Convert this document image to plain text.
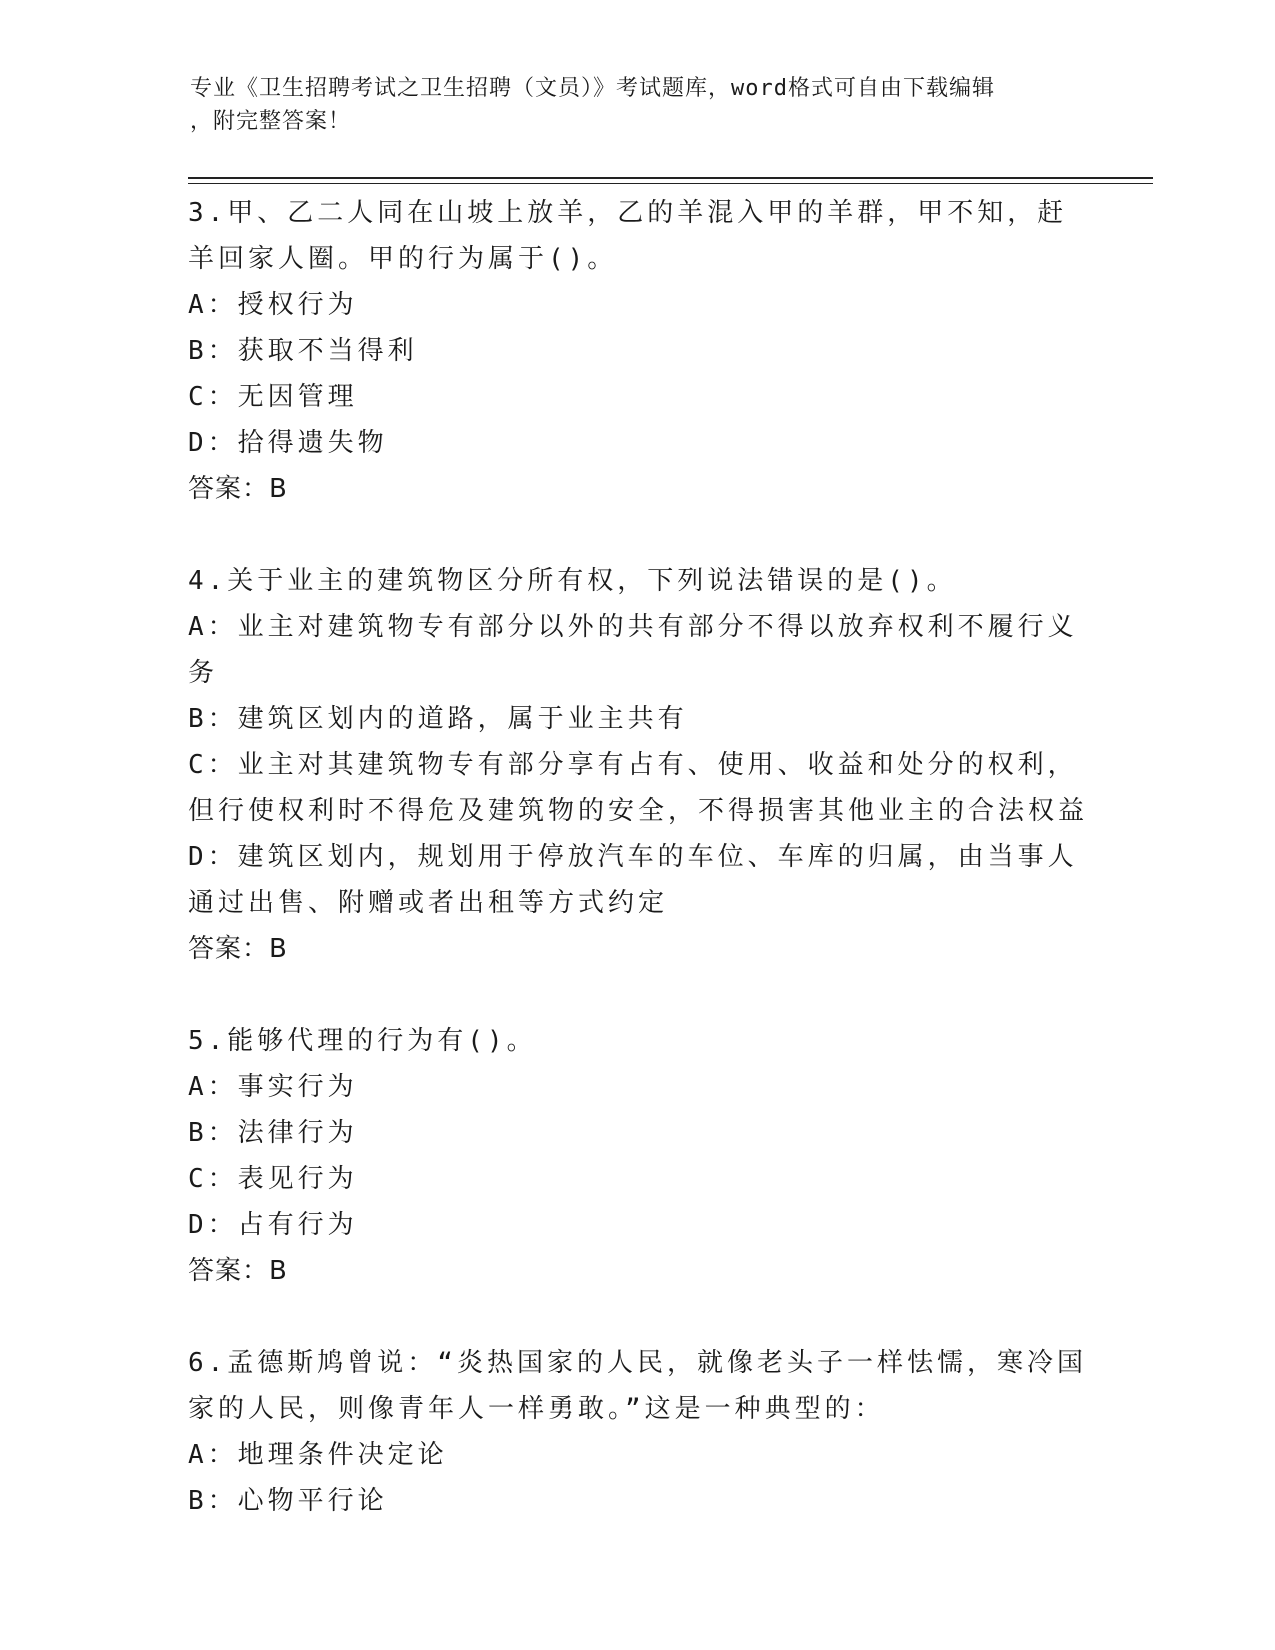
专业《卫生招聘考试之卫生招聘（文员）》考试题库，word格式可自由下载编辑
，附完整答案！

3.甲、乙二人同在山坡上放羊，乙的羊混入甲的羊群，甲不知，赶羊回家人圈。甲的行为属于()。

A：授权行为

B：获取不当得利

C：无因管理

D：拾得遗失物

答案：B

4.关于业主的建筑物区分所有权，下列说法错误的是()。

A：业主对建筑物专有部分以外的共有部分不得以放弃权利不履行义务

B：建筑区划内的道路，属于业主共有

C：业主对其建筑物专有部分享有占有、使用、收益和处分的权利，但行使权利时不得危及建筑物的安全，不得损害其他业主的合法权益

D：建筑区划内，规划用于停放汽车的车位、车库的归属，由当事人通过出售、附赠或者出租等方式约定

答案：B

5.能够代理的行为有()。

A：事实行为

B：法律行为

C：表见行为

D：占有行为

答案：B

6.孟德斯鸠曾说：“炎热国家的人民，就像老头子一样怯懦，寒冷国家的人民，则像青年人一样勇敢。”这是一种典型的：

A：地理条件决定论

B：心物平行论
